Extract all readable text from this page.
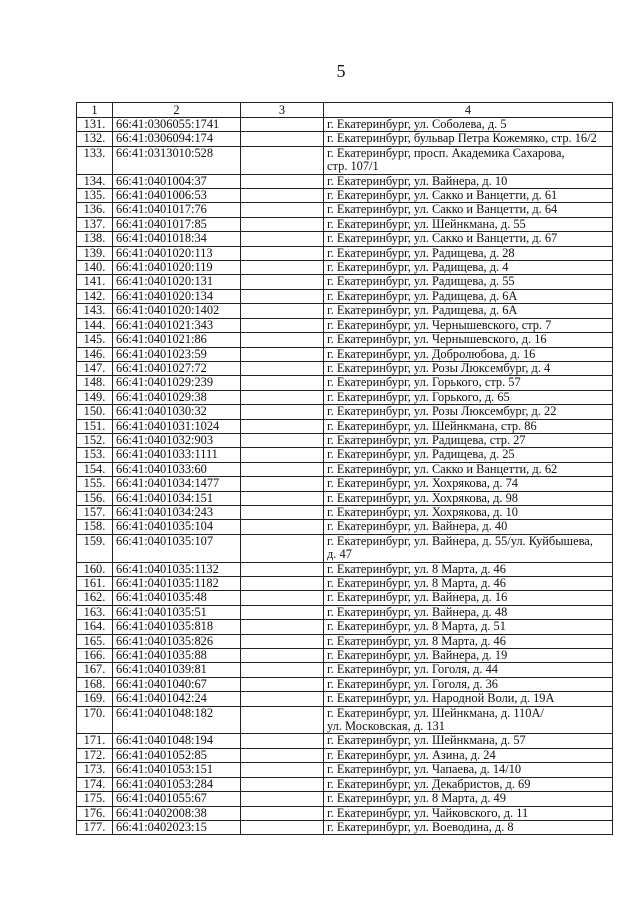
5
1	2	3	4
131.	66:41:0306055:1741		г. Екатеринбург, ул. Соболева, д. 5
132.	66:41:0306094:174		г. Екатеринбург, бульвар Петра Кожемяко, стр. 16/2
133.	66:41:0313010:528		г. Екатеринбург, просп. Академика Сахарова,
стр. 107/1
134.	66:41:0401004:37		г. Екатеринбург, ул. Вайнера, д. 10
135.	66:41:0401006:53		г. Екатеринбург, ул. Сакко и Ванцетти, д. 61
136.	66:41:0401017:76		г. Екатеринбург, ул. Сакко и Ванцетти, д. 64
137.	66:41:0401017:85		г. Екатеринбург, ул. Шейнкмана, д. 55
138.	66:41:0401018:34		г. Екатеринбург, ул. Сакко и Ванцетти, д. 67
139.	66:41:0401020:113		г. Екатеринбург, ул. Радищева, д. 28
140.	66:41:0401020:119		г. Екатеринбург, ул. Радищева, д. 4
141.	66:41:0401020:131		г. Екатеринбург, ул. Радищева, д. 55
142.	66:41:0401020:134		г. Екатеринбург, ул. Радищева, д. 6А
143.	66:41:0401020:1402		г. Екатеринбург, ул. Радищева, д. 6А
144.	66:41:0401021:343		г. Екатеринбург, ул. Чернышевского, стр. 7
145.	66:41:0401021:86		г. Екатеринбург, ул. Чернышевского, д. 16
146.	66:41:0401023:59		г. Екатеринбург, ул. Добролюбова, д. 16
147.	66:41:0401027:72		г. Екатеринбург, ул. Розы Люксембург, д. 4
148.	66:41:0401029:239		г. Екатеринбург, ул. Горького, стр. 57
149.	66:41:0401029:38		г. Екатеринбург, ул. Горького, д. 65
150.	66:41:0401030:32		г. Екатеринбург, ул. Розы Люксембург, д. 22
151.	66:41:0401031:1024		г. Екатеринбург, ул. Шейнкмана, стр. 86
152.	66:41:0401032:903		г. Екатеринбург, ул. Радищева, стр. 27
153.	66:41:0401033:1111		г. Екатеринбург, ул. Радищева, д. 25
154.	66:41:0401033:60		г. Екатеринбург, ул. Сакко и Ванцетти, д. 62
155.	66:41:0401034:1477		г. Екатеринбург, ул. Хохрякова, д. 74
156.	66:41:0401034:151		г. Екатеринбург, ул. Хохрякова, д. 98
157.	66:41:0401034:243		г. Екатеринбург, ул. Хохрякова, д. 10
158.	66:41:0401035:104		г. Екатеринбург, ул. Вайнера, д. 40
159.	66:41:0401035:107		г. Екатеринбург, ул. Вайнера, д. 55/ул. Куйбышева,
д. 47
160.	66:41:0401035:1132		г. Екатеринбург, ул. 8 Марта, д. 46
161.	66:41:0401035:1182		г. Екатеринбург, ул. 8 Марта, д. 46
162.	66:41:0401035:48		г. Екатеринбург, ул. Вайнера, д. 16
163.	66:41:0401035:51		г. Екатеринбург, ул. Вайнера, д. 48
164.	66:41:0401035:818		г. Екатеринбург, ул. 8 Марта, д. 51
165.	66:41:0401035:826		г. Екатеринбург, ул. 8 Марта, д. 46
166.	66:41:0401035:88		г. Екатеринбург, ул. Вайнера, д. 19
167.	66:41:0401039:81		г. Екатеринбург, ул. Гоголя, д. 44
168.	66:41:0401040:67		г. Екатеринбург, ул. Гоголя, д. 36
169.	66:41:0401042:24		г. Екатеринбург, ул. Народной Воли, д. 19А
170.	66:41:0401048:182		г. Екатеринбург, ул. Шейнкмана, д. 110А/
ул. Московская, д. 131
171.	66:41:0401048:194		г. Екатеринбург, ул. Шейнкмана, д. 57
172.	66:41:0401052:85		г. Екатеринбург, ул. Азина, д. 24
173.	66:41:0401053:151		г. Екатеринбург, ул. Чапаева, д. 14/10
174.	66:41:0401053:284		г. Екатеринбург, ул. Декабристов, д. 69
175.	66:41:0401055:67		г. Екатеринбург, ул. 8 Марта, д. 49
176.	66:41:0402008:38		г. Екатеринбург, ул. Чайковского, д. 11
177.	66:41:0402023:15		г. Екатеринбург, ул. Воеводина, д. 8
